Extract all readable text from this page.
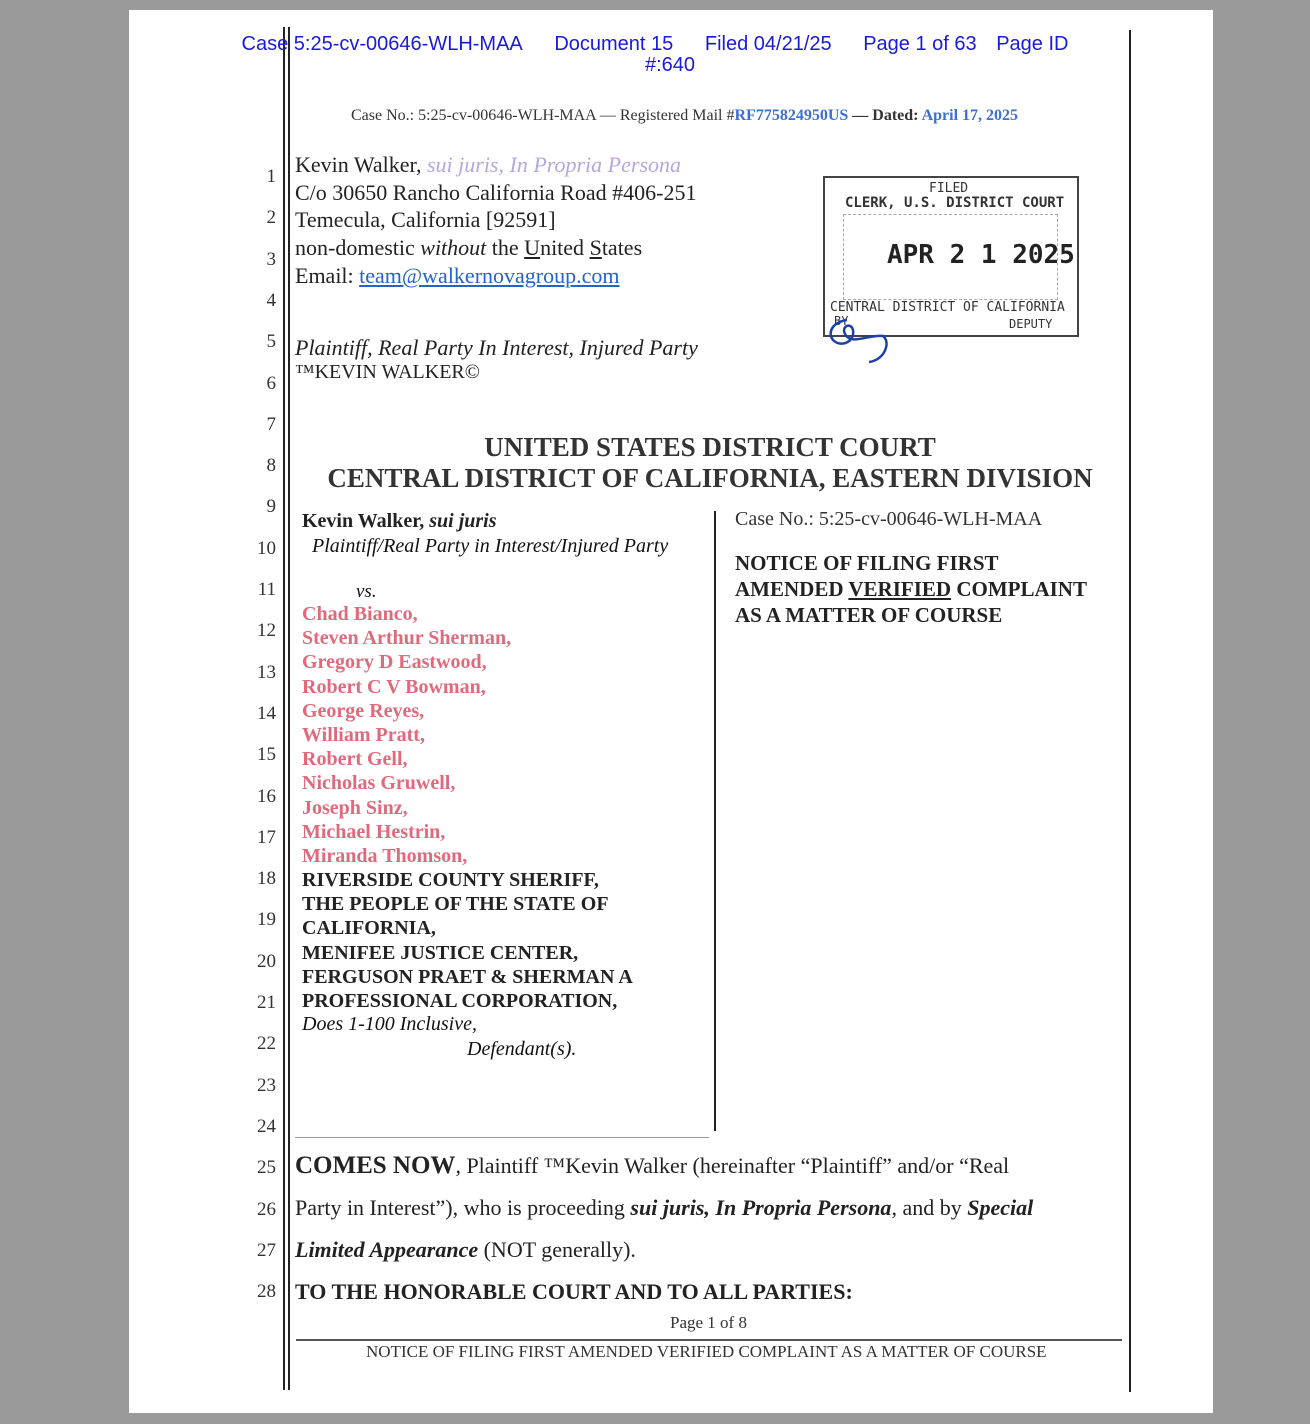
Case 5:25-cv-00646-WLH-MAA Document 15 Filed 04/21/25 Page 1 of 63 Page ID
#:640
Case No.: 5:25-cv-00646-WLH-MAA — Registered Mail #RF775824950US — Dated: April 17, 2025
1
2
3
4
5
6
7
8
9
10
11
12
13
14
15
16
17
18
19
20
21
22
23
24
25
26
27
28
Kevin Walker, sui juris, In Propria Persona
C/o 30650 Rancho California Road #406-251
Temecula, California [92591]
non-domestic without the United States
Email: team@walkernovagroup.com
Plaintiff, Real Party In Interest, Injured Party
™KEVIN WALKER©
FILED
CLERK, U.S. DISTRICT COURT
APR 2 1 2025
CENTRAL DISTRICT OF CALIFORNIA
BY	DEPUTY
UNITED STATES DISTRICT COURT
CENTRAL DISTRICT OF CALIFORNIA, EASTERN DIVISION
Kevin Walker, sui juris
Plaintiff/Real Party in Interest/Injured Party
vs.
Chad Bianco,
Steven Arthur Sherman,
Gregory D Eastwood,
Robert C V Bowman,
George Reyes,
William Pratt,
Robert Gell,
Nicholas Gruwell,
Joseph Sinz,
Michael Hestrin,
Miranda Thomson,
RIVERSIDE COUNTY SHERIFF,
THE PEOPLE OF THE STATE OF
CALIFORNIA,
MENIFEE JUSTICE CENTER,
FERGUSON PRAET & SHERMAN A
PROFESSIONAL CORPORATION,
Does 1-100 Inclusive,
Defendant(s).
Case No.: 5:25-cv-00646-WLH-MAA
NOTICE OF FILING FIRST
AMENDED VERIFIED COMPLAINT
AS A MATTER OF COURSE
COMES NOW, Plaintiff ™Kevin Walker (hereinafter “Plaintiff” and/or “Real
Party in Interest”), who is proceeding sui juris, In Propria Persona, and by Special
Limited Appearance (NOT generally).
TO THE HONORABLE COURT AND TO ALL PARTIES:
Page 1 of 8
NOTICE OF FILING FIRST AMENDED VERIFIED COMPLAINT AS A MATTER OF COURSE
